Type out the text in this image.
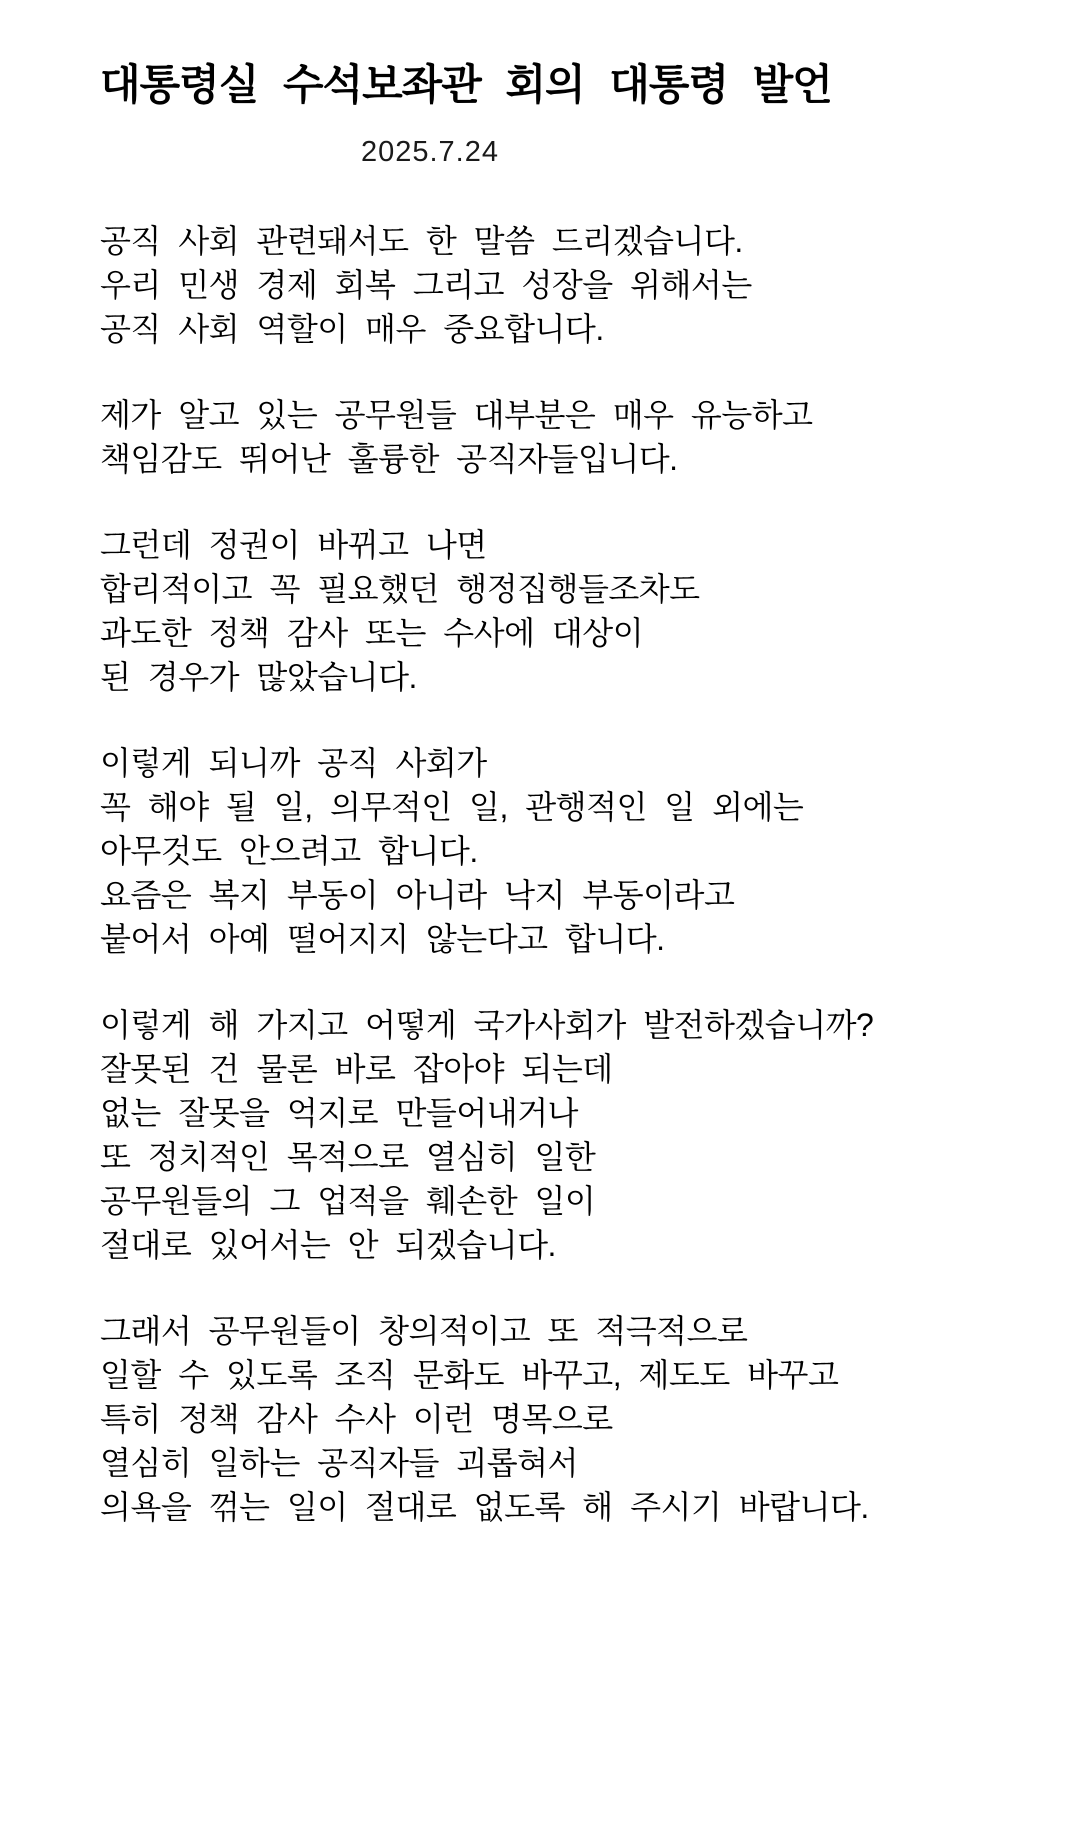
대통령실 수석보좌관 회의 대통령 발언
2025.7.24
공직 사회 관련돼서도 한 말씀 드리겠습니다.
우리 민생 경제 회복 그리고 성장을 위해서는
공직 사회 역할이 매우 중요합니다.
제가 알고 있는 공무원들 대부분은 매우 유능하고
책임감도 뛰어난 훌륭한 공직자들입니다.
그런데 정권이 바뀌고 나면
합리적이고 꼭 필요했던 행정집행들조차도
과도한 정책 감사 또는 수사에 대상이
된 경우가 많았습니다.
이렇게 되니까 공직 사회가
꼭 해야 될 일, 의무적인 일, 관행적인 일 외에는
아무것도 안으려고 합니다.
요즘은 복지 부동이 아니라 낙지 부동이라고
붙어서 아예 떨어지지 않는다고 합니다.
이렇게 해 가지고 어떻게 국가사회가 발전하겠습니까?
잘못된 건 물론 바로 잡아야 되는데
없는 잘못을 억지로 만들어내거나
또 정치적인 목적으로 열심히 일한
공무원들의 그 업적을 훼손한 일이
절대로 있어서는 안 되겠습니다.
그래서 공무원들이 창의적이고 또 적극적으로
일할 수 있도록 조직 문화도 바꾸고, 제도도 바꾸고
특히 정책 감사 수사 이런 명목으로
열심히 일하는 공직자들 괴롭혀서
의욕을 꺾는 일이 절대로 없도록 해 주시기 바랍니다.
